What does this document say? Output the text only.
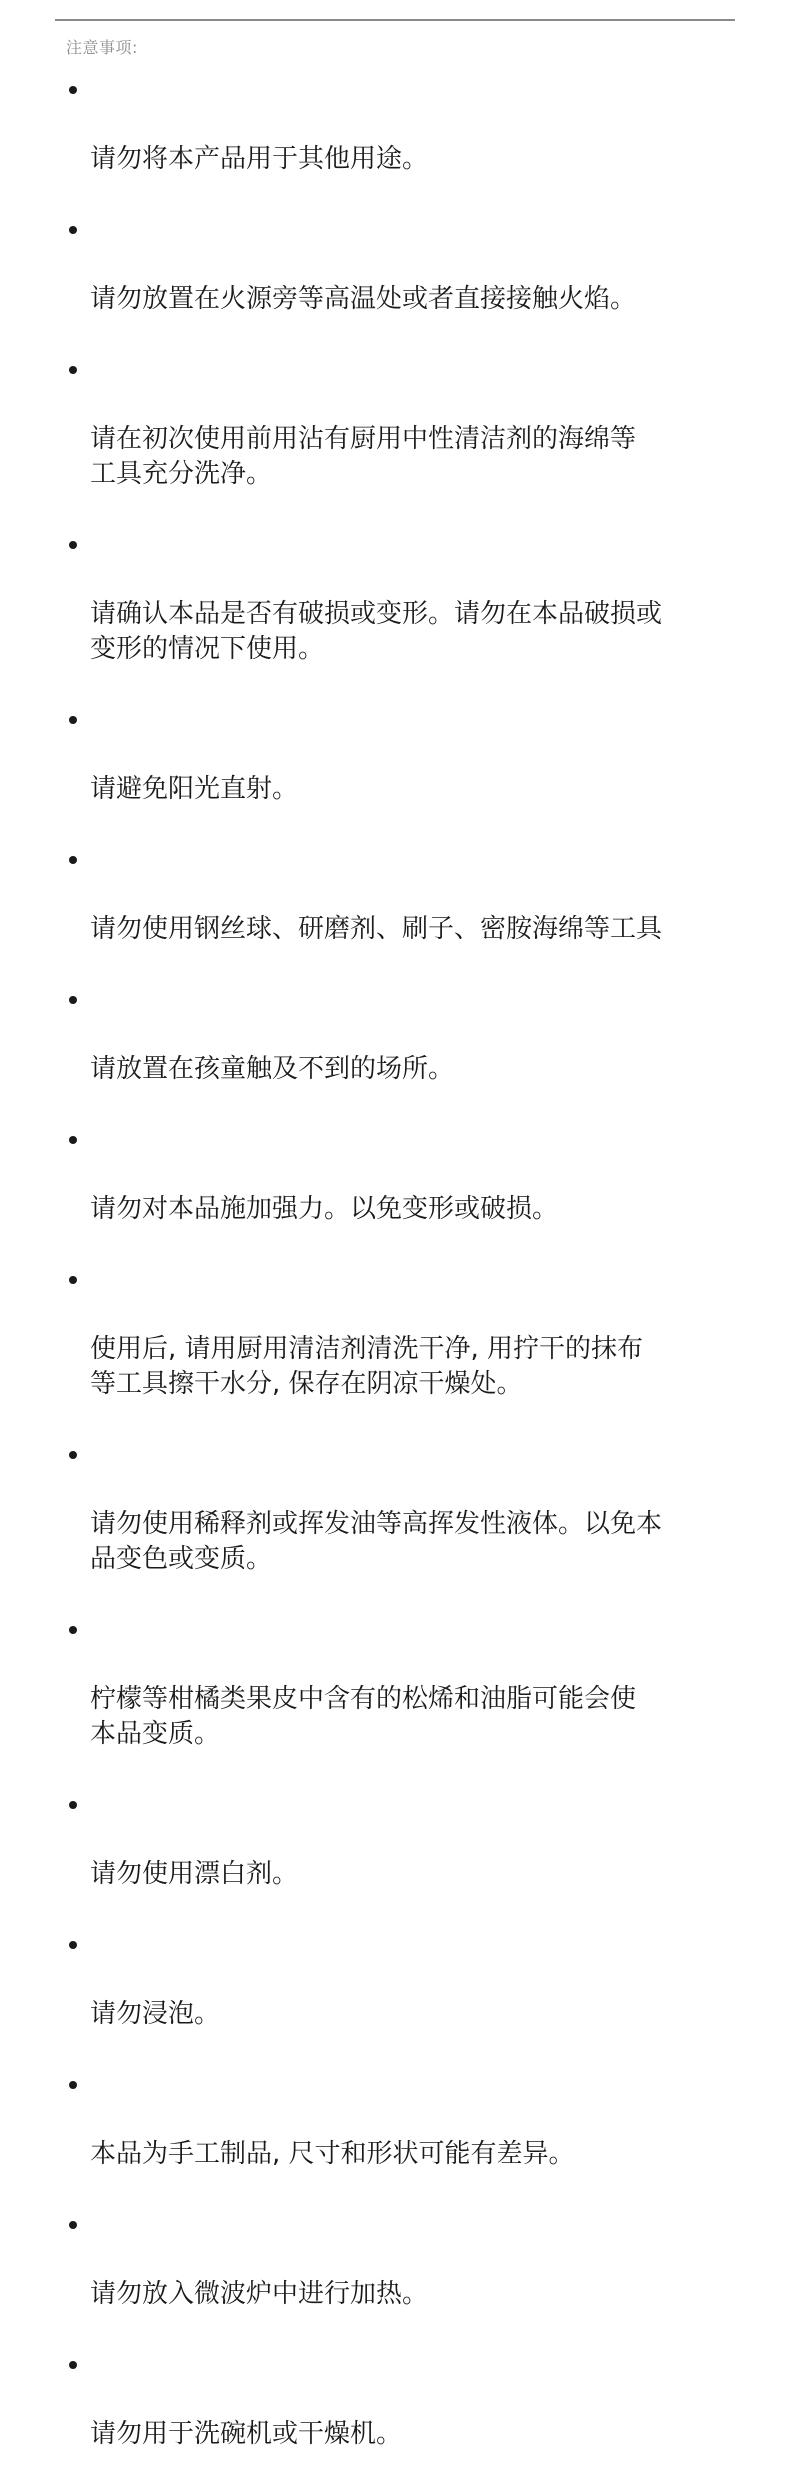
注意事项:

请勿将本产品用于其他用途。

请勿放置在火源旁等高温处或者直接接触火焰。

请在初次使用前用沾有厨用中性清洁剂的海绵等
工具充分洗净。

请确认本品是否有破损或变形。请勿在本品破损或
变形的情况下使用。

请避免阳光直射。

请勿使用钢丝球、研磨剂、刷子、密胺海绵等工具

请放置在孩童触及不到的场所。

请勿对本品施加强力。以免变形或破损。

使用后, 请用厨用清洁剂清洗干净, 用拧干的抹布
等工具擦干水分, 保存在阴凉干燥处。

请勿使用稀释剂或挥发油等高挥发性液体。以免本
品变色或变质。

柠檬等柑橘类果皮中含有的松烯和油脂可能会使
本品变质。

请勿使用漂白剂。

请勿浸泡。

本品为手工制品, 尺寸和形状可能有差异。

请勿放入微波炉中进行加热。

请勿用于洗碗机或干燥机。
